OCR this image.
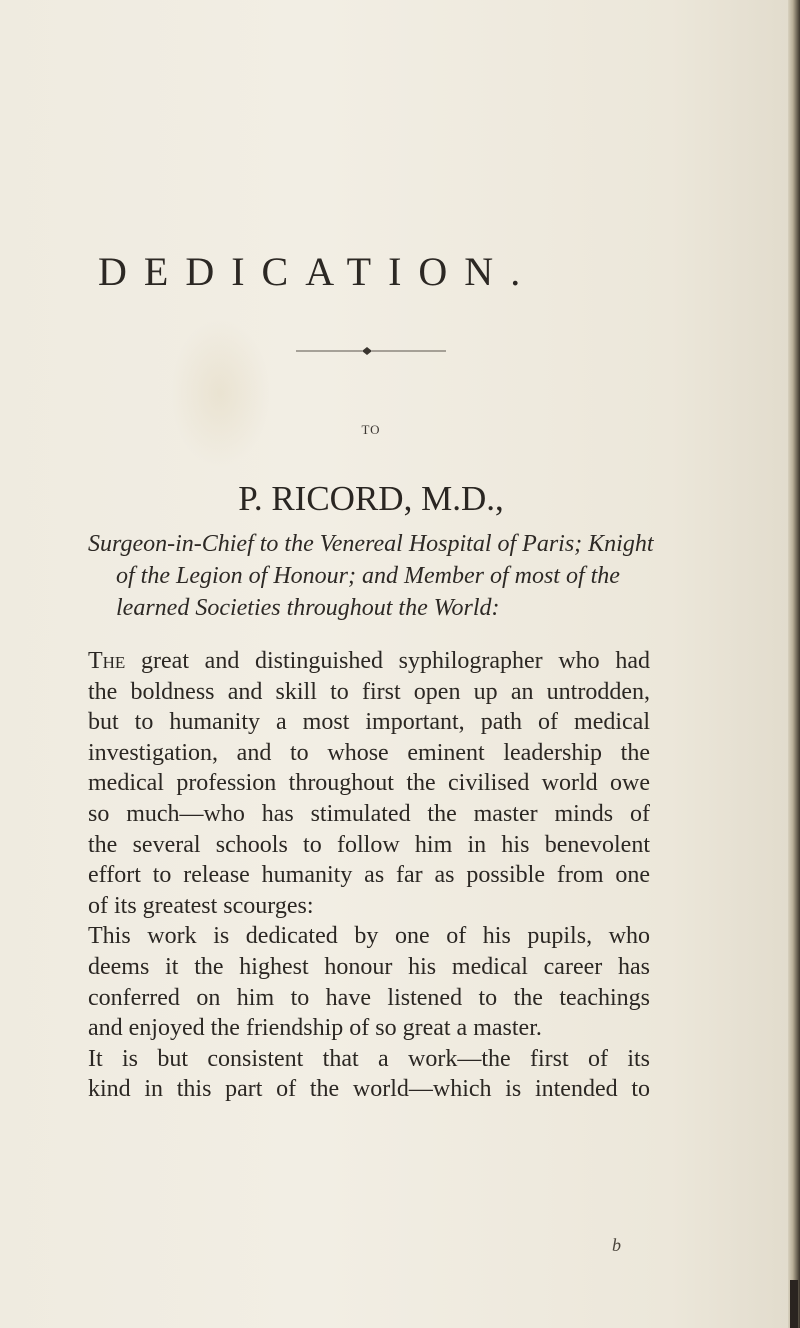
DEDICATION.
TO
P. RICORD, M.D.,
Surgeon-in-Chief to the Venereal Hospital of Paris; Knight
of the Legion of Honour; and Member of most of the
learned Societies throughout the World:
The great and distinguished syphilographer who had
the boldness and skill to first open up an untrodden,
but to humanity a most important, path of medical
investigation, and to whose eminent leadership the
medical profession throughout the civilised world owe
so much—who has stimulated the master minds of
the several schools to follow him in his benevolent
effort to release humanity as far as possible from one
of its greatest scourges:
This work is dedicated by one of his pupils, who
deems it the highest honour his medical career has
conferred on him to have listened to the teachings
and enjoyed the friendship of so great a master.
It is but consistent that a work—the first of its
kind in this part of the world—which is intended to
b
